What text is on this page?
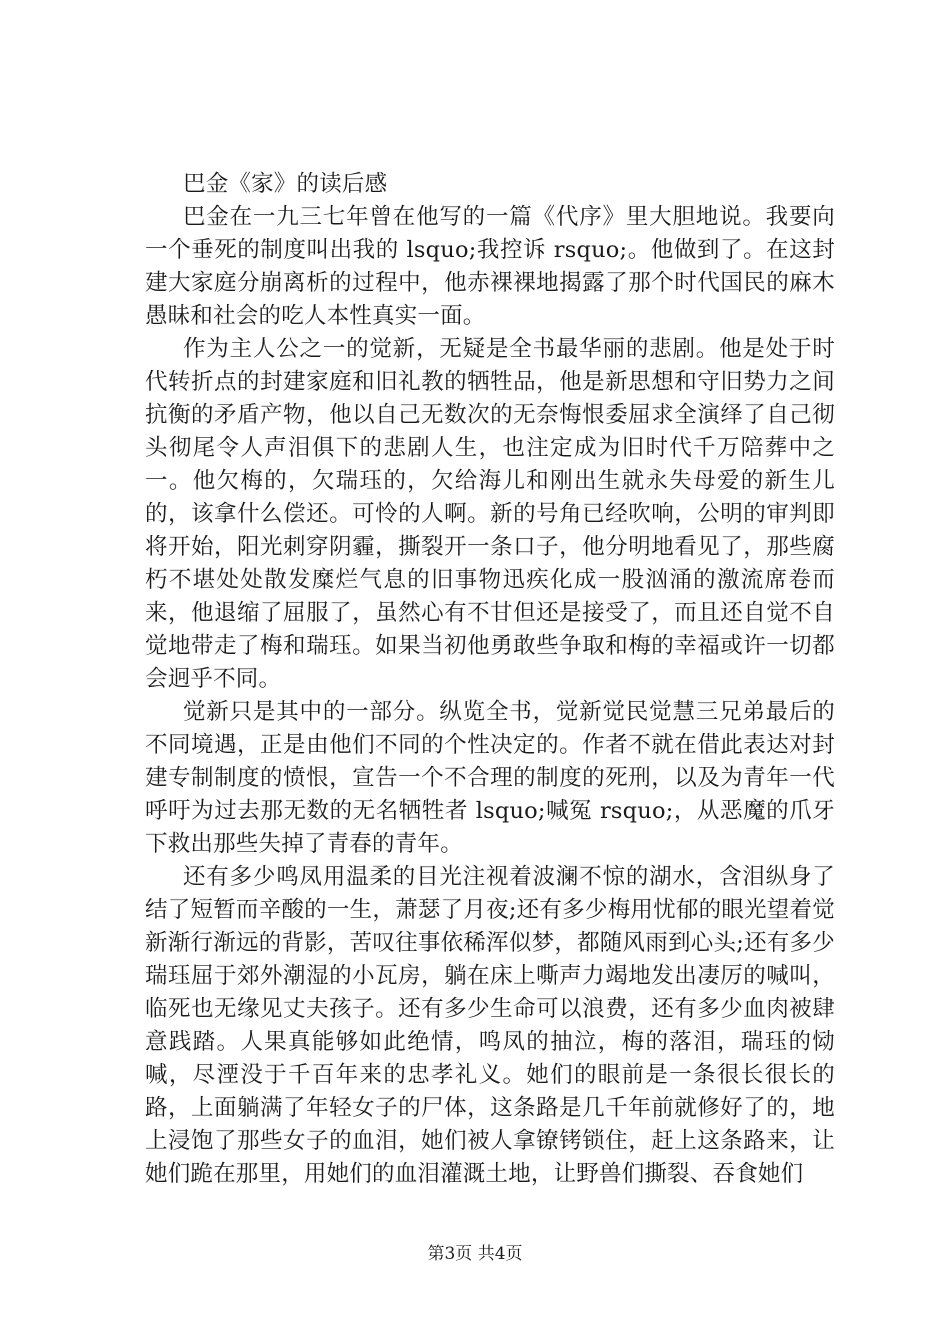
巴金《家》的读后感

巴金在一九三七年曾在他写的一篇《代序》里大胆地说。我要向一个垂死的制度叫出我的 lsquo;我控诉 rsquo;。他做到了。在这封建大家庭分崩离析的过程中，他赤裸裸地揭露了那个时代国民的麻木愚昧和社会的吃人本性真实一面。

作为主人公之一的觉新，无疑是全书最华丽的悲剧。他是处于时代转折点的封建家庭和旧礼教的牺牲品，他是新思想和守旧势力之间抗衡的矛盾产物，他以自己无数次的无奈悔恨委屈求全演绎了自己彻头彻尾令人声泪俱下的悲剧人生，也注定成为旧时代千万陪葬中之一。他欠梅的，欠瑞珏的，欠给海儿和刚出生就永失母爱的新生儿的，该拿什么偿还。可怜的人啊。新的号角已经吹响，公明的审判即将开始，阳光刺穿阴霾，撕裂开一条口子，他分明地看见了，那些腐朽不堪处处散发糜烂气息的旧事物迅疾化成一股汹涌的激流席卷而来，他退缩了屈服了，虽然心有不甘但还是接受了，而且还自觉不自觉地带走了梅和瑞珏。如果当初他勇敢些争取和梅的幸福或许一切都会迥乎不同。

觉新只是其中的一部分。纵览全书，觉新觉民觉慧三兄弟最后的不同境遇，正是由他们不同的个性决定的。作者不就在借此表达对封建专制制度的愤恨，宣告一个不合理的制度的死刑，以及为青年一代呼吁为过去那无数的无名牺牲者 lsquo;喊冤 rsquo;，从恶魔的爪牙下救出那些失掉了青春的青年。

还有多少鸣凤用温柔的目光注视着波澜不惊的湖水，含泪纵身了结了短暂而辛酸的一生，萧瑟了月夜;还有多少梅用忧郁的眼光望着觉新渐行渐远的背影，苦叹往事依稀浑似梦，都随风雨到心头;还有多少瑞珏屈于郊外潮湿的小瓦房，躺在床上嘶声力竭地发出凄厉的喊叫，临死也无缘见丈夫孩子。还有多少生命可以浪费，还有多少血肉被肆意践踏。人果真能够如此绝情，鸣凤的抽泣，梅的落泪，瑞珏的恸喊，尽湮没于千百年来的忠孝礼义。她们的眼前是一条很长很长的路，上面躺满了年轻女子的尸体，这条路是几千年前就修好了的，地上浸饱了那些女子的血泪，她们被人拿镣铐锁住，赶上这条路来，让她们跪在那里，用她们的血泪灌溉土地，让野兽们撕裂、吞食她们

第3页 共4页
